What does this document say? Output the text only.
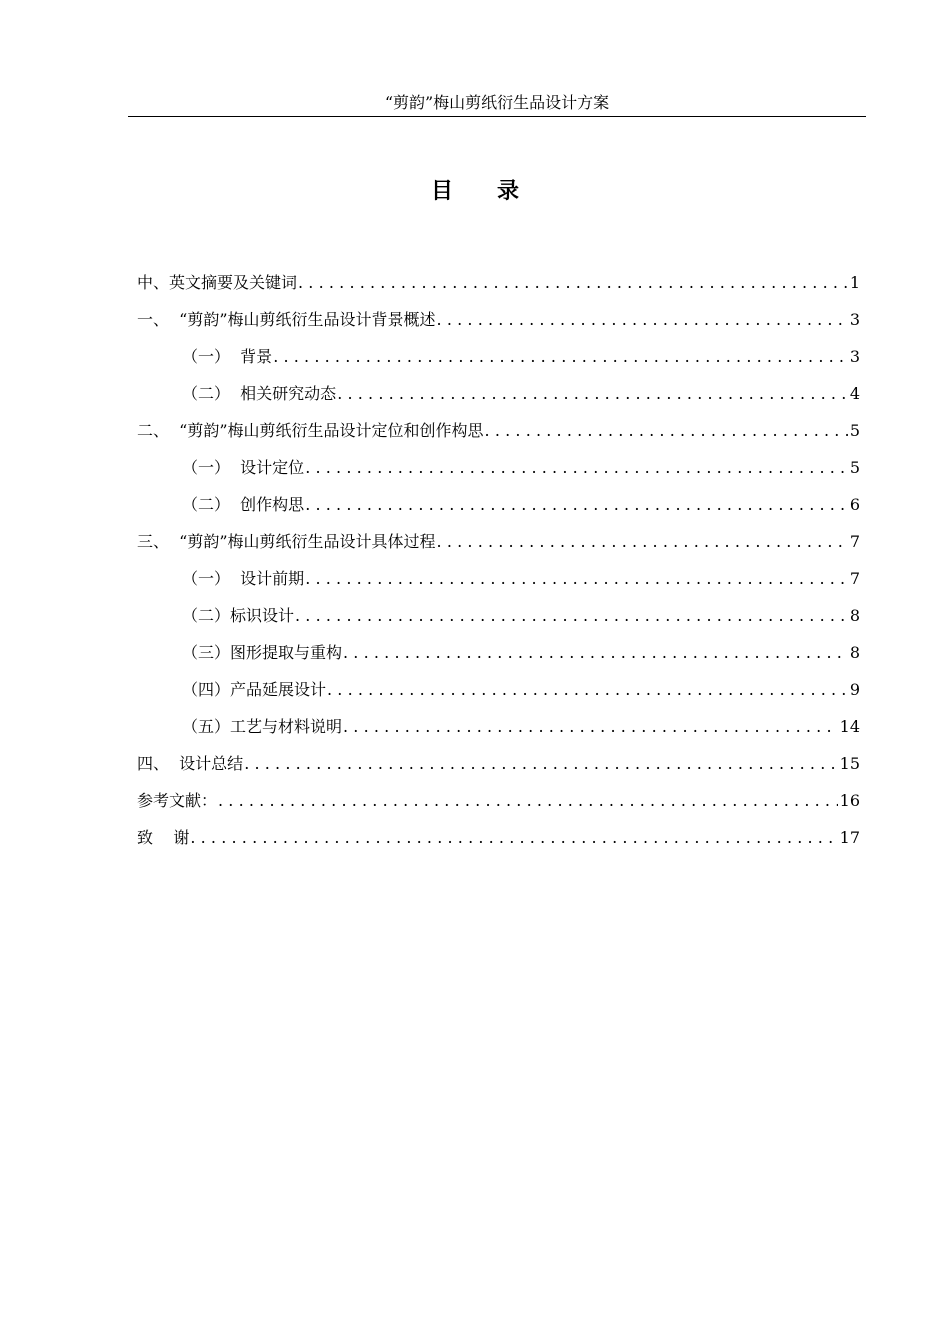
“剪韵”梅山剪纸衍生品设计方案
目 录
中、英文摘要及关键词 .....	1
一、  “剪韵”梅山剪纸衍生品设计背景概述 .....	3
（一）  背景 .....	3
（二）  相关研究动态 .....	4
二、  “剪韵”梅山剪纸衍生品设计定位和创作构思 .....	5
（一）  设计定位 .....	5
（二）  创作构思 .....	6
三、  “剪韵”梅山剪纸衍生品设计具体过程 .....	7
（一）  设计前期 .....	7
（二）标识设计 .....	8
（三）图形提取与重构 .....	8
（四）产品延展设计 .....	9
（五）工艺与材料说明 .....	14
四、  设计总结 .....	15
参考文献： .....	16
致    谢 .....	17
